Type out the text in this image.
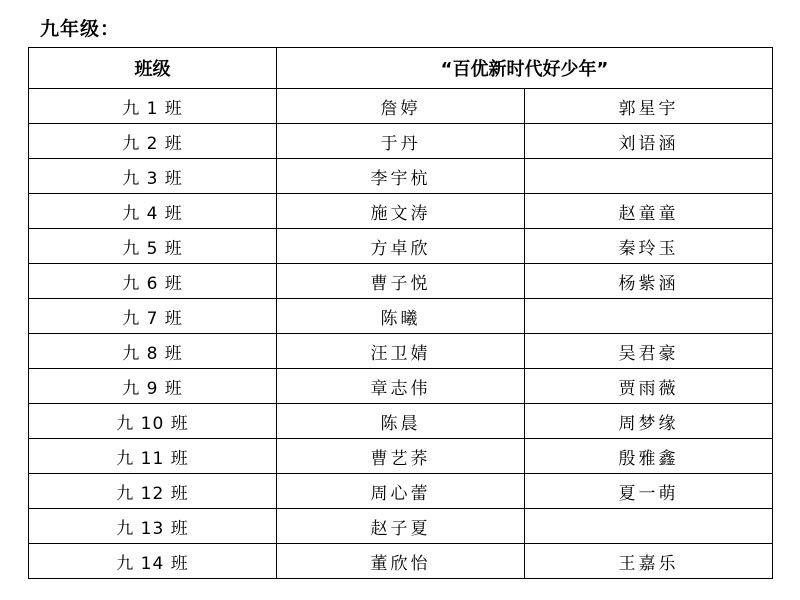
九年级：
班级	“百优新时代好少年”	
九 1 班	詹婷	郭星宇
九 2 班	于丹	刘语涵
九 3 班	李宇杭	
九 4 班	施文涛	赵童童
九 5 班	方卓欣	秦玲玉
九 6 班	曹子悦	杨紫涵
九 7 班	陈曦	
九 8 班	汪卫婧	吴君豪
九 9 班	章志伟	贾雨薇
九 10 班	陈晨	周梦缘
九 11 班	曹艺荞	殷雅鑫
九 12 班	周心蕾	夏一萌
九 13 班	赵子夏	
九 14 班	董欣怡	王嘉乐
